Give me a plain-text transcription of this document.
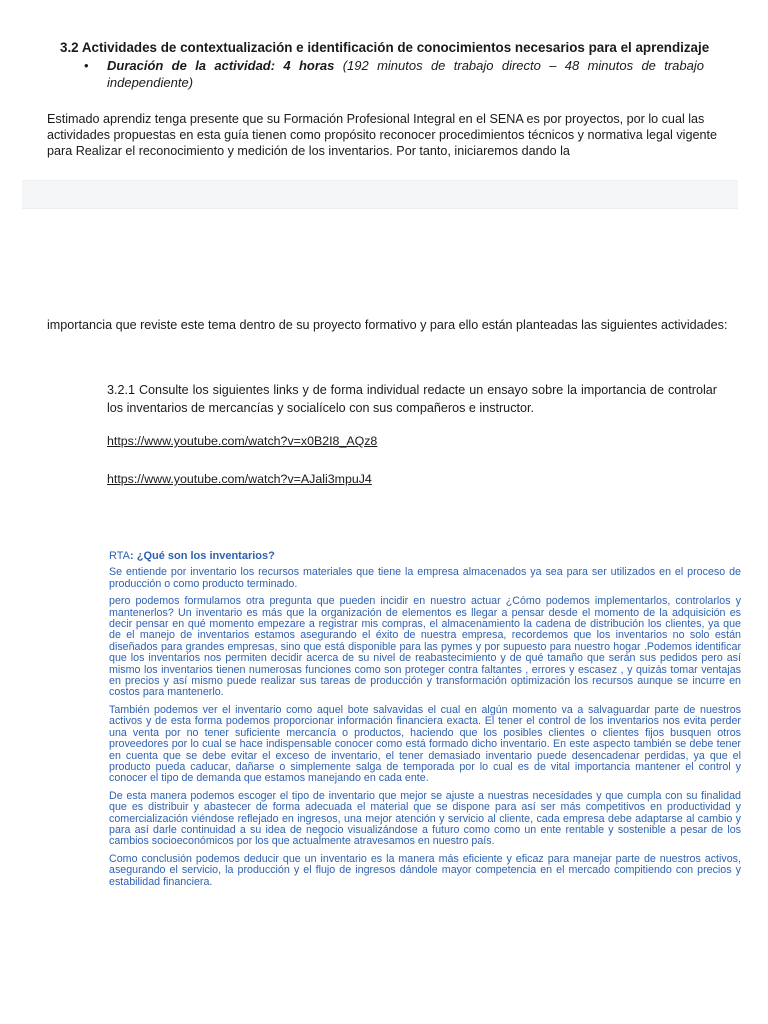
3.2 Actividades de contextualización e identificación de conocimientos necesarios para el aprendizaje
• Duración de la actividad: 4 horas (192 minutos de trabajo directo – 48 minutos de trabajo independiente)
Estimado aprendiz tenga presente que su Formación Profesional Integral en el SENA es por proyectos, por lo cual las actividades propuestas en esta guía tienen como propósito reconocer procedimientos técnicos y normativa legal vigente para Realizar el reconocimiento y medición de los inventarios. Por tanto, iniciaremos dando la
importancia que reviste este tema dentro de su proyecto formativo y para ello están planteadas las siguientes actividades:
3.2.1 Consulte los siguientes links y de forma individual redacte un ensayo sobre la importancia de controlar los inventarios de mercancías y socialícelo con sus compañeros e instructor.
https://www.youtube.com/watch?v=x0B2I8_AQz8
https://www.youtube.com/watch?v=AJali3mpuJ4
RTA: ¿Qué son los inventarios?

Se entiende por inventario los recursos materiales que tiene la empresa almacenados ya sea para ser utilizados en el proceso de producción o como producto terminado.

pero podemos formularnos otra pregunta que pueden incidir en nuestro actuar ¿Cómo podemos implementarlos, controlarlos y mantenerlos? Un inventario es más que la organización de elementos es llegar a pensar desde el momento de la adquisición es decir pensar en qué momento empezare a registrar mis compras, el almacenamiento la cadena de distribución los clientes, ya que de el manejo de inventarios estamos asegurando el éxito de nuestra empresa, recordemos que los inventarios no solo están diseñados para grandes empresas, sino que está disponible para las pymes y por supuesto para nuestro hogar .Podemos identificar que los inventarios nos permiten decidir acerca de su nivel de reabastecimiento y de qué tamaño que serán sus pedidos pero así mismo los inventarios tienen numerosas funciones como son proteger contra faltantes , errores y escasez , y quizás tomar ventajas en precios y así mismo puede realizar sus tareas de producción y transformación optimización los recursos aunque se incurre en costos para mantenerlo.

También podemos ver el inventario como aquel bote salvavidas el cual en algún momento va a salvaguardar parte de nuestros activos y de esta forma podemos proporcionar información financiera exacta. El tener el control de los inventarios nos evita perder una venta por no tener suficiente mercancía o productos, haciendo que los posibles clientes o clientes fijos busquen otros proveedores por lo cual se hace indispensable conocer como está formado dicho inventario. En este aspecto también se debe tener en cuenta que se debe evitar el exceso de inventario, el tener demasiado inventario puede desencadenar perdidas, ya que el producto pueda caducar, dañarse o simplemente salga de temporada por lo cual es de vital importancia mantener el control y conocer el tipo de demanda que estamos manejando en cada ente.

De esta manera podemos escoger el tipo de inventario que mejor se ajuste a nuestras necesidades y que cumpla con su finalidad que es distribuir y abastecer de forma adecuada el material que se dispone para así ser más competitivos en productividad y comercialización viéndose reflejado en ingresos, una mejor atención y servicio al cliente, cada empresa debe adaptarse al cambio y para así darle continuidad a su idea de negocio visualizándose a futuro como como un ente rentable y sostenible a pesar de los cambios socioeconómicos por los que actualmente atravesamos en nuestro país.

Como conclusión podemos deducir que un inventario es la manera más eficiente y eficaz para manejar parte de nuestros activos, asegurando el servicio, la producción y el flujo de ingresos dándole mayor competencia en el mercado compitiendo con precios y estabilidad financiera.
